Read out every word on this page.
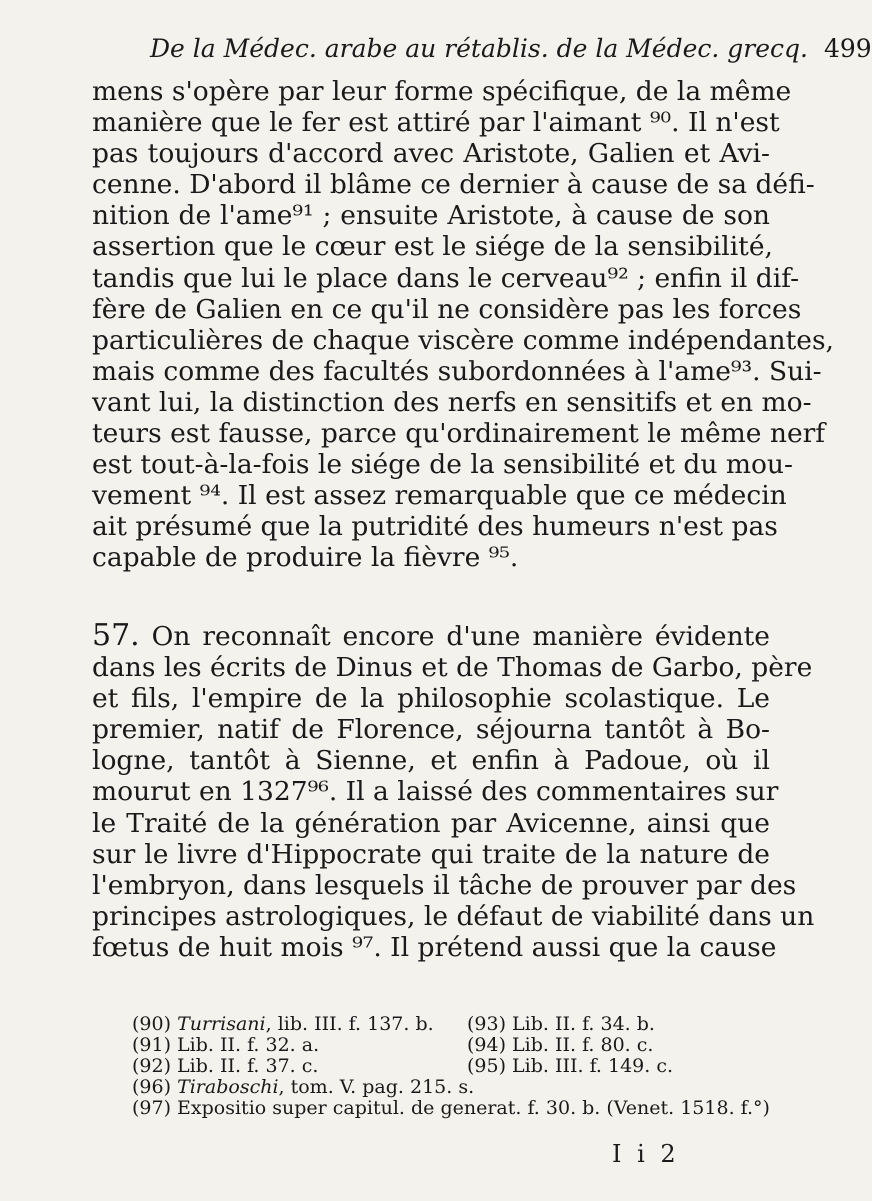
De la Médec. arabe au rétablis. de la Médec. grecq. 499
mens s'opère par leur forme spécifique, de la même
manière que le fer est attiré par l'aimant ⁹⁰. Il n'est
pas toujours d'accord avec Aristote, Galien et Avi-
cenne. D'abord il blâme ce dernier à cause de sa défi-
nition de l'ame⁹¹ ; ensuite Aristote, à cause de son
assertion que le cœur est le siége de la sensibilité,
tandis que lui le place dans le cerveau⁹² ; enfin il dif-
fère de Galien en ce qu'il ne considère pas les forces
particulières de chaque viscère comme indépendantes,
mais comme des facultés subordonnées à l'ame⁹³. Sui-
vant lui, la distinction des nerfs en sensitifs et en mo-
teurs est fausse, parce qu'ordinairement le même nerf
est tout-à-la-fois le siége de la sensibilité et du mou-
vement ⁹⁴. Il est assez remarquable que ce médecin
ait présumé que la putridité des humeurs n'est pas
capable de produire la fièvre ⁹⁵.
57. On reconnaît encore d'une manière évidente
dans les écrits de Dinus et de Thomas de Garbo, père
et fils, l'empire de la philosophie scolastique. Le
premier, natif de Florence, séjourna tantôt à Bo-
logne, tantôt à Sienne, et enfin à Padoue, où il
mourut en 1327⁹⁶. Il a laissé des commentaires sur
le Traité de la génération par Avicenne, ainsi que
sur le livre d'Hippocrate qui traite de la nature de
l'embryon, dans lesquels il tâche de prouver par des
principes astrologiques, le défaut de viabilité dans un
fœtus de huit mois ⁹⁷. Il prétend aussi que la cause
(90) Turrisani, lib. III. f. 137. b.	(93) Lib. II. f. 34. b.
(91) Lib. II. f. 32. a.	(94) Lib. II. f. 80. c.
(92) Lib. II. f. 37. c.	(95) Lib. III. f. 149. c.
(96) Tiraboschi, tom. V. pag. 215. s.
(97) Expositio super capitul. de generat. f. 30. b. (Venet. 1518. f.°)
I i 2
